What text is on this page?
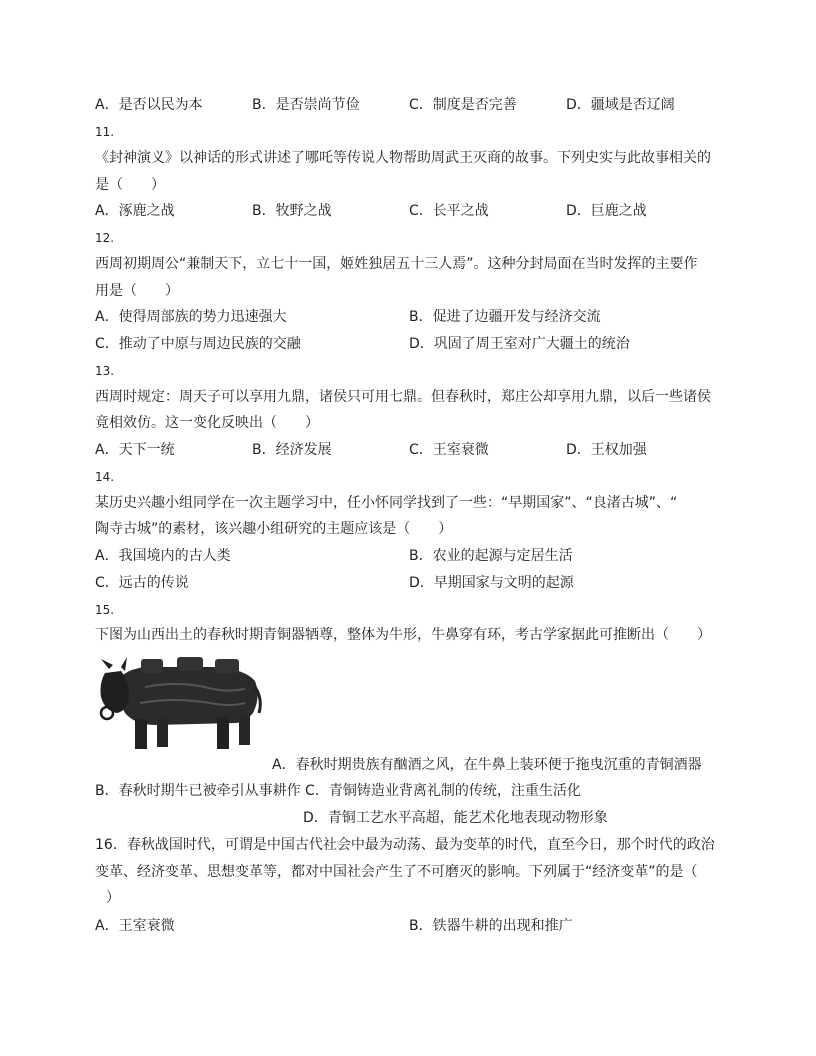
A．是否以民为本	B．是否崇尚节俭	C．制度是否完善	D．疆域是否辽阔
11.
《封神演义》以神话的形式讲述了哪吒等传说人物帮助周武王灭商的故事。下列史实与此故事相关的
是（　　）
A．涿鹿之战	B．牧野之战	C．长平之战	D．巨鹿之战
12.
西周初期周公“兼制天下，立七十一国，姬姓独居五十三人焉”。这种分封局面在当时发挥的主要作
用是（　　）
A．使得周部族的势力迅速强大	B．促进了边疆开发与经济交流
C．推动了中原与周边民族的交融	D．巩固了周王室对广大疆土的统治
13.
西周时规定：周天子可以享用九鼎，诸侯只可用七鼎。但春秋时，郑庄公却享用九鼎，以后一些诸侯
竟相效仿。这一变化反映出（　　）
A．天下一统	B．经济发展	C．王室衰微	D．王权加强
14.
某历史兴趣小组同学在一次主题学习中，任小怀同学找到了一些：“早期国家”、“良渚古城”、“
陶寺古城”的素材，该兴趣小组研究的主题应该是（　　）
A．我国境内的古人类	B．农业的起源与定居生活
C．远古的传说	D．早期国家与文明的起源
15.
下图为山西出土的春秋时期青铜器牺尊，整体为牛形，牛鼻穿有环，考古学家据此可推断出（　　）
A．春秋时期贵族有酗酒之风，在牛鼻上装环便于拖曳沉重的青铜酒器
B．春秋时期牛已被牵引从事耕作 C．青铜铸造业背离礼制的传统，注重生活化
D．青铜工艺水平高超，能艺术化地表现动物形象
16．春秋战国时代，可谓是中国古代社会中最为动荡、最为变革的时代，直至今日，那个时代的政治
变革、经济变革、思想变革等，都对中国社会产生了不可磨灭的影响。下列属于“经济变革”的是（
）
A．王室衰微	B．铁器牛耕的出现和推广
